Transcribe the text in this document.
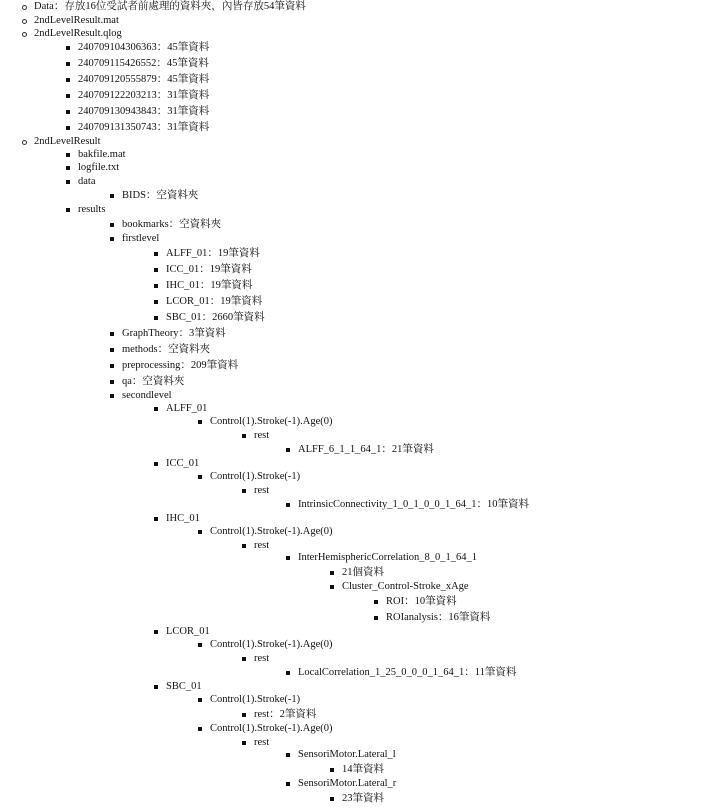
Data：存放16位受試者前處理的資料夾，內皆存放54筆資料
2ndLevelResult.mat
2ndLevelResult.qlog
240709104306363：45筆資料
240709115426552：45筆資料
240709120555879：45筆資料
240709122203213：31筆資料
240709130943843：31筆資料
240709131350743：31筆資料
2ndLevelResult
bakfile.mat
logfile.txt
data
BIDS：空資料夾
results
bookmarks：空資料夾
firstlevel
ALFF_01：19筆資料
ICC_01：19筆資料
IHC_01：19筆資料
LCOR_01：19筆資料
SBC_01：2660筆資料
GraphTheory：3筆資料
methods：空資料夾
preprocessing：209筆資料
qa：空資料夾
secondlevel
ALFF_01
Control(1).Stroke(-1).Age(0)
rest
ALFF_6_1_1_64_1：21筆資料
ICC_01
Control(1).Stroke(-1)
rest
IntrinsicConnectivity_1_0_1_0_0_1_64_1：10筆資料
IHC_01
Control(1).Stroke(-1).Age(0)
rest
InterHemisphericCorrelation_8_0_1_64_1
21個資料
Cluster_Control-Stroke_xAge
ROI：10筆資料
ROIanalysis：16筆資料
LCOR_01
Control(1).Stroke(-1).Age(0)
rest
LocalCorrelation_1_25_0_0_0_1_64_1：11筆資料
SBC_01
Control(1).Stroke(-1)
rest：2筆資料
Control(1).Stroke(-1).Age(0)
rest
SensoriMotor.Lateral_l
14筆資料
SensoriMotor.Lateral_r
23筆資料
